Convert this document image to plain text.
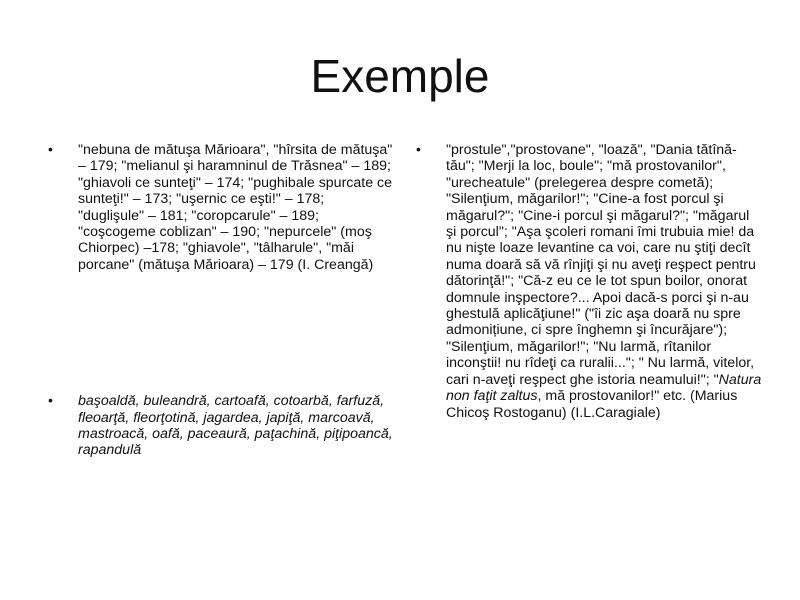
Exemple
• "nebuna de mătuşa Mărioara", "hîrsita de mătuşa" – 179; "melianul şi haramninul de Trăsnea" – 189; "ghiavoli ce sunteţi" – 174; "pughibale spurcate ce sunteţi!" – 173; "uşernic ce eşti!" – 178; "duglişule" – 181; "coropcarule" – 189; "coşcogeme coblizan" – 190; "nepurcele" (moş Chiorpec) –178; "ghiavole", "tâlharule", "măi porcane" (mătuşa Mărioara) – 179 (I. Creangă)
• başoaldă, buleandră, cartoafă, cotoarbă, farfuză, fleoarţă, fleorţotină, jagardea, japiţă, marcoavă, mastroacă, oafă, paceaură, paţachină, piţipoancă, rapandulă
• "prostule","prostovane", "loază", "Dania tătînă-tău"; "Merji la loc, boule"; "mă prostovanilor", "urecheatule" (prelegerea despre cometă); "Silenţium, măgarilor!"; "Cine-a fost porcul şi măgarul?"; "Cine-i porcul şi măgarul?"; "măgarul şi porcul"; "Aşa şcoleri romani îmi trubuia mie! da nu nişte loaze levantine ca voi, care nu ştiţi decît numa doară să vă rînjiţi şi nu aveţi reşpect pentru dătorinţă!"; "Că-z eu ce le tot spun boilor, onorat domnule inşpectore?... Apoi dacă-s porci şi n-au ghestulă aplicăţiune!" ("îi zic aşa doară nu spre admonițiune, ci spre înghemn şi încurăjare"); "Silenţium, măgarilor!"; "Nu larmă, rîtanilor inconştii! nu rîdeţi ca ruralii..."; " Nu larmă, vitelor, cari n-aveţi reşpect ghe istoria neamului!"; "Natura non faţit zaltus, mă prostovanilor!" etc. (Marius Chicoş Rostoganu) (I.L.Caragiale)
